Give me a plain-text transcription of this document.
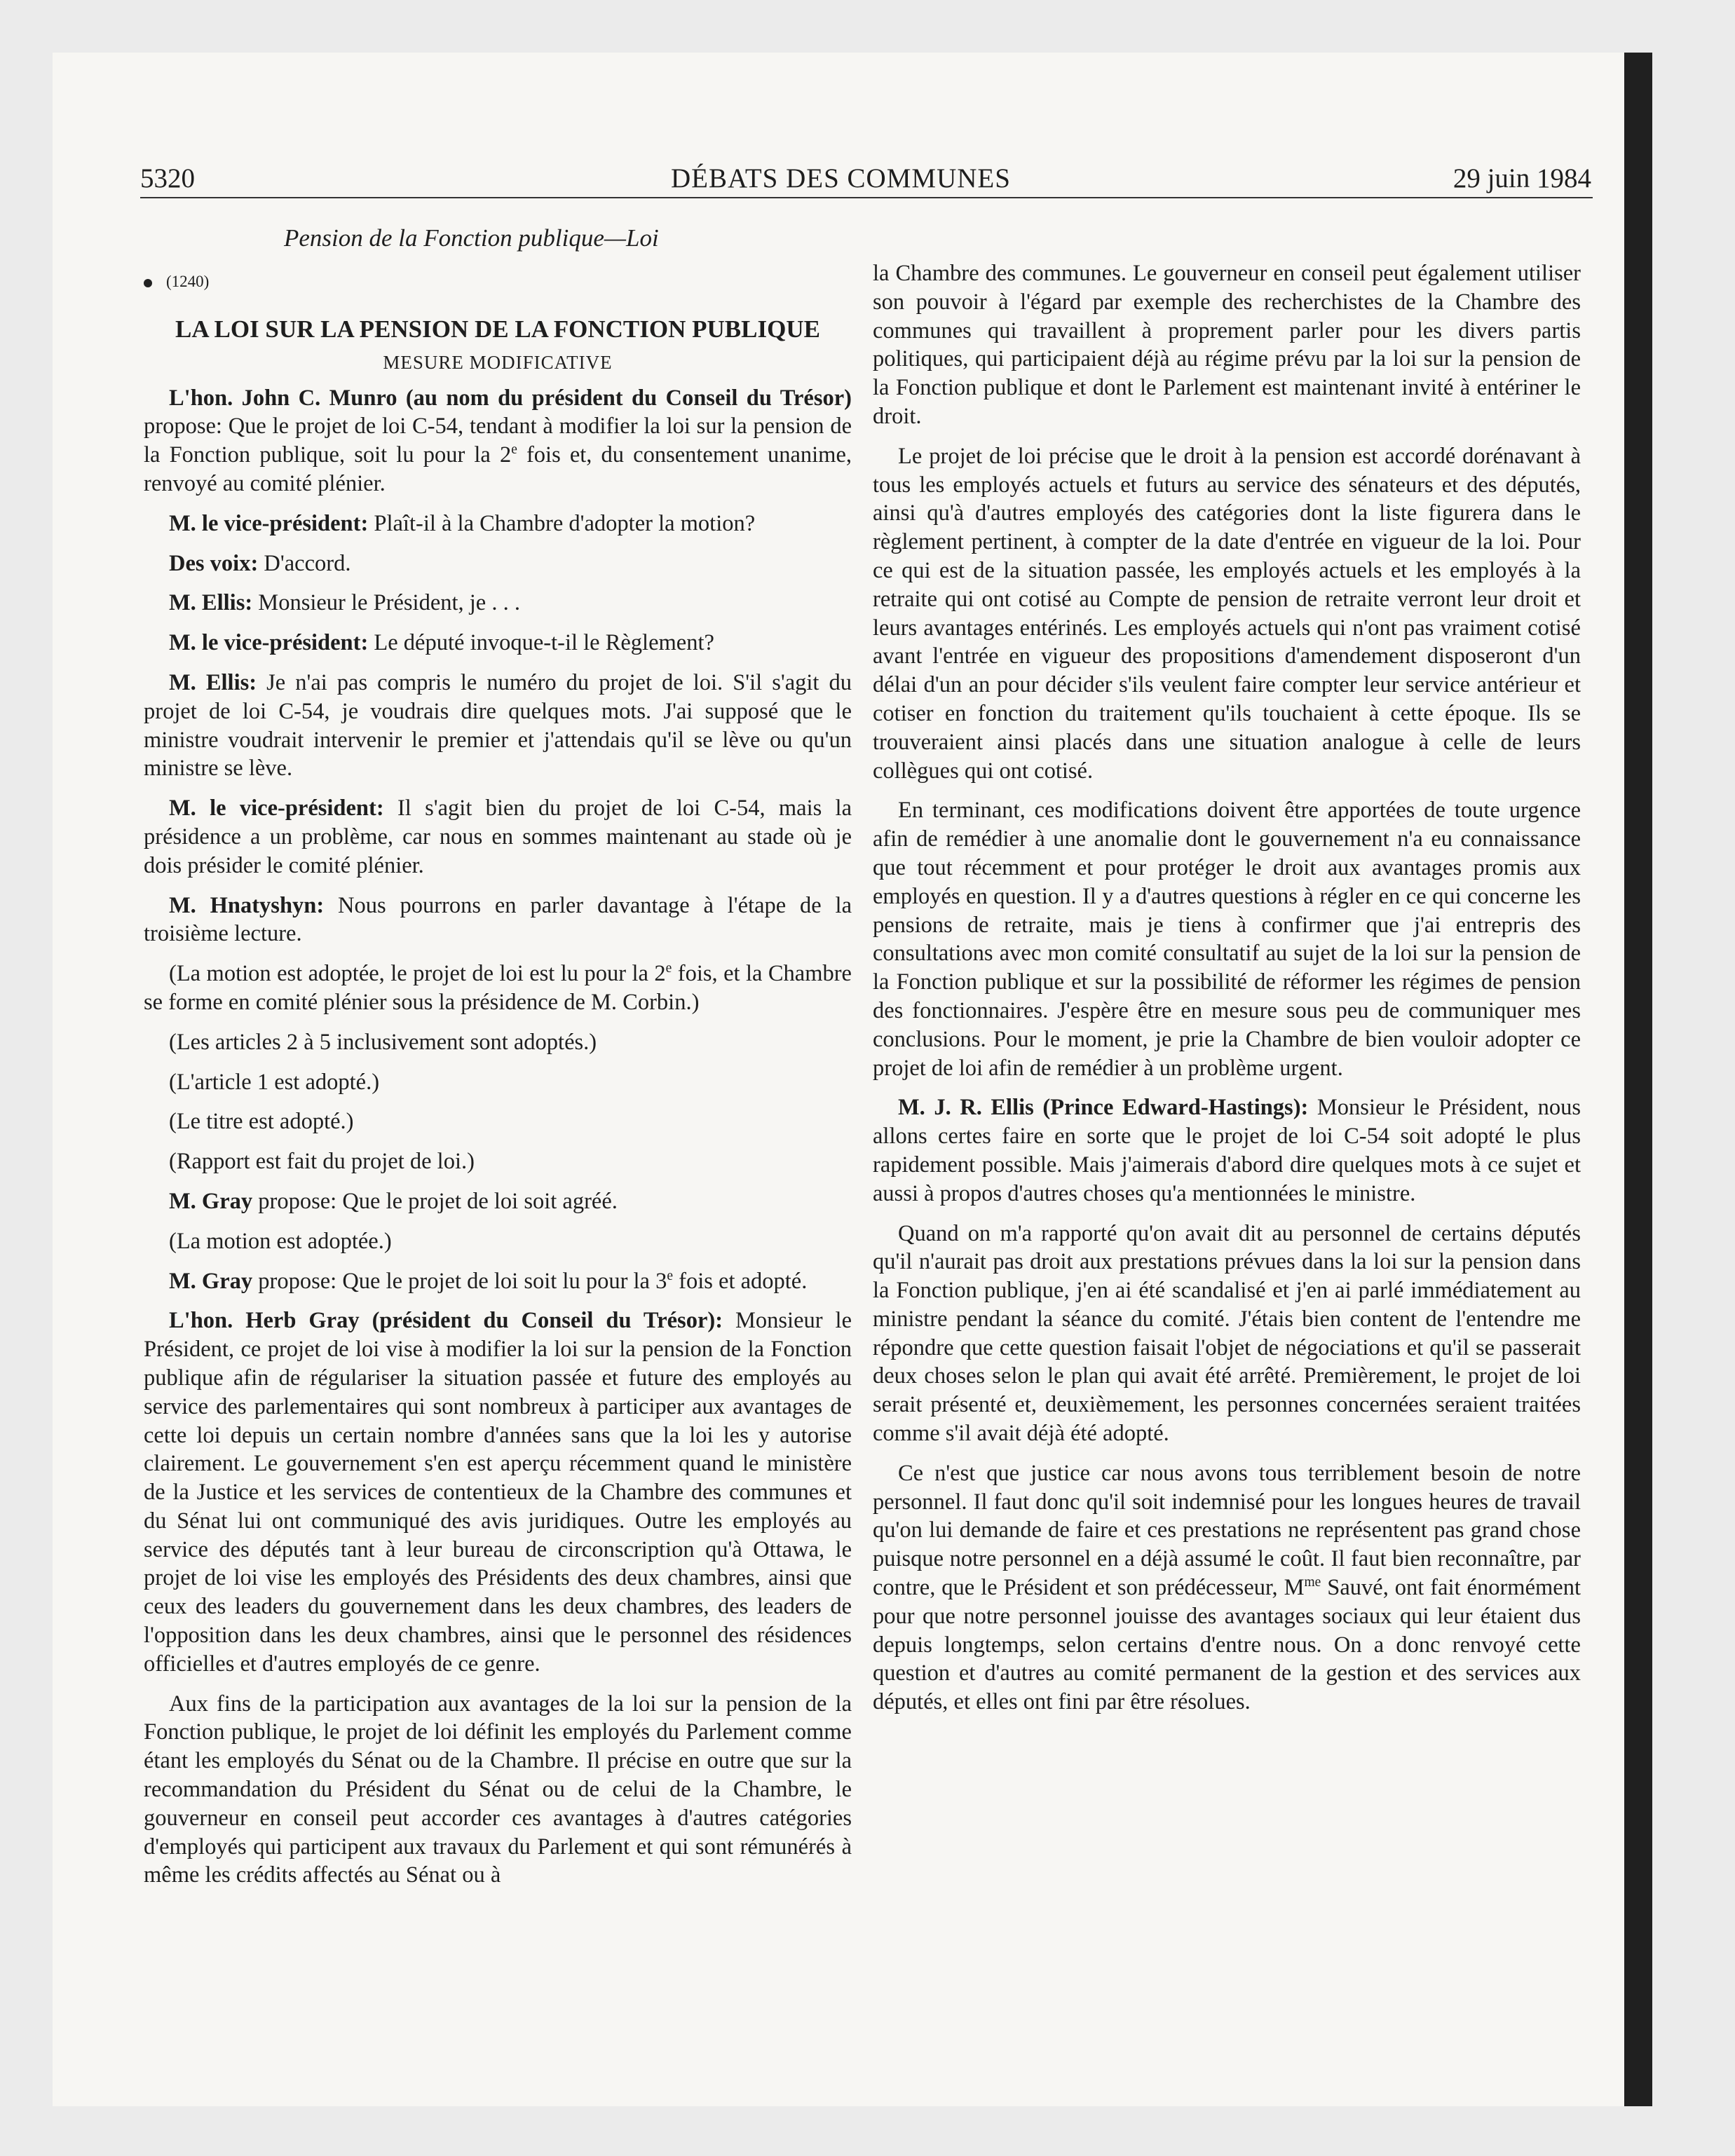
5320	DÉBATS DES COMMUNES	29 juin 1984
Pension de la Fonction publique—Loi
(1240)
LA LOI SUR LA PENSION DE LA FONCTION PUBLIQUE
MESURE MODIFICATIVE

L'hon. John C. Munro (au nom du président du Conseil du Trésor) propose: Que le projet de loi C-54, tendant à modifier la loi sur la pension de la Fonction publique, soit lu pour la 2e fois et, du consentement unanime, renvoyé au comité plénier.

M. le vice-président: Plaît-il à la Chambre d'adopter la motion?

Des voix: D'accord.

M. Ellis: Monsieur le Président, je . . .

M. le vice-président: Le député invoque-t-il le Règlement?

M. Ellis: Je n'ai pas compris le numéro du projet de loi. S'il s'agit du projet de loi C-54, je voudrais dire quelques mots. J'ai supposé que le ministre voudrait intervenir le premier et j'attendais qu'il se lève ou qu'un ministre se lève.

M. le vice-président: Il s'agit bien du projet de loi C-54, mais la présidence a un problème, car nous en sommes maintenant au stade où je dois présider le comité plénier.

M. Hnatyshyn: Nous pourrons en parler davantage à l'étape de la troisième lecture.

(La motion est adoptée, le projet de loi est lu pour la 2e fois, et la Chambre se forme en comité plénier sous la présidence de M. Corbin.)

(Les articles 2 à 5 inclusivement sont adoptés.)

(L'article 1 est adopté.)

(Le titre est adopté.)

(Rapport est fait du projet de loi.)

M. Gray propose: Que le projet de loi soit agréé.

(La motion est adoptée.)

M. Gray propose: Que le projet de loi soit lu pour la 3e fois et adopté.

L'hon. Herb Gray (président du Conseil du Trésor): Monsieur le Président, ce projet de loi vise à modifier la loi sur la pension de la Fonction publique afin de régulariser la situation passée et future des employés au service des parlementaires qui sont nombreux à participer aux avantages de cette loi depuis un certain nombre d'années sans que la loi les y autorise clairement. Le gouvernement s'en est aperçu récemment quand le ministère de la Justice et les services de contentieux de la Chambre des communes et du Sénat lui ont communiqué des avis juridiques. Outre les employés au service des députés tant à leur bureau de circonscription qu'à Ottawa, le projet de loi vise les employés des Présidents des deux chambres, ainsi que ceux des leaders du gouvernement dans les deux chambres, des leaders de l'opposition dans les deux chambres, ainsi que le personnel des résidences officielles et d'autres employés de ce genre.

Aux fins de la participation aux avantages de la loi sur la pension de la Fonction publique, le projet de loi définit les employés du Parlement comme étant les employés du Sénat ou de la Chambre. Il précise en outre que sur la recommandation du Président du Sénat ou de celui de la Chambre, le gouverneur en conseil peut accorder ces avantages à d'autres catégories d'employés qui participent aux travaux du Parlement et qui sont rémunérés à même les crédits affectés au Sénat ou à

la Chambre des communes. Le gouverneur en conseil peut également utiliser son pouvoir à l'égard par exemple des recherchistes de la Chambre des communes qui travaillent à proprement parler pour les divers partis politiques, qui participaient déjà au régime prévu par la loi sur la pension de la Fonction publique et dont le Parlement est maintenant invité à entériner le droit.

Le projet de loi précise que le droit à la pension est accordé dorénavant à tous les employés actuels et futurs au service des sénateurs et des députés, ainsi qu'à d'autres employés des catégories dont la liste figurera dans le règlement pertinent, à compter de la date d'entrée en vigueur de la loi. Pour ce qui est de la situation passée, les employés actuels et les employés à la retraite qui ont cotisé au Compte de pension de retraite verront leur droit et leurs avantages entérinés. Les employés actuels qui n'ont pas vraiment cotisé avant l'entrée en vigueur des propositions d'amendement disposeront d'un délai d'un an pour décider s'ils veulent faire compter leur service antérieur et cotiser en fonction du traitement qu'ils touchaient à cette époque. Ils se trouveraient ainsi placés dans une situation analogue à celle de leurs collègues qui ont cotisé.

En terminant, ces modifications doivent être apportées de toute urgence afin de remédier à une anomalie dont le gouvernement n'a eu connaissance que tout récemment et pour protéger le droit aux avantages promis aux employés en question. Il y a d'autres questions à régler en ce qui concerne les pensions de retraite, mais je tiens à confirmer que j'ai entrepris des consultations avec mon comité consultatif au sujet de la loi sur la pension de la Fonction publique et sur la possibilité de réformer les régimes de pension des fonctionnaires. J'espère être en mesure sous peu de communiquer mes conclusions. Pour le moment, je prie la Chambre de bien vouloir adopter ce projet de loi afin de remédier à un problème urgent.

M. J. R. Ellis (Prince Edward-Hastings): Monsieur le Président, nous allons certes faire en sorte que le projet de loi C-54 soit adopté le plus rapidement possible. Mais j'aimerais d'abord dire quelques mots à ce sujet et aussi à propos d'autres choses qu'a mentionnées le ministre.

Quand on m'a rapporté qu'on avait dit au personnel de certains députés qu'il n'aurait pas droit aux prestations prévues dans la loi sur la pension dans la Fonction publique, j'en ai été scandalisé et j'en ai parlé immédiatement au ministre pendant la séance du comité. J'étais bien content de l'entendre me répondre que cette question faisait l'objet de négociations et qu'il se passerait deux choses selon le plan qui avait été arrêté. Premièrement, le projet de loi serait présenté et, deuxièmement, les personnes concernées seraient traitées comme s'il avait déjà été adopté.

Ce n'est que justice car nous avons tous terriblement besoin de notre personnel. Il faut donc qu'il soit indemnisé pour les longues heures de travail qu'on lui demande de faire et ces prestations ne représentent pas grand chose puisque notre personnel en a déjà assumé le coût. Il faut bien reconnaître, par contre, que le Président et son prédécesseur, $M^{me}$ Sauvé, ont fait énormément pour que notre personnel jouisse des avantages sociaux qui leur étaient dus depuis longtemps, selon certains d'entre nous. On a donc renvoyé cette question et d'autres au comité permanent de la gestion et des services aux députés, et elles ont fini par être résolues.
